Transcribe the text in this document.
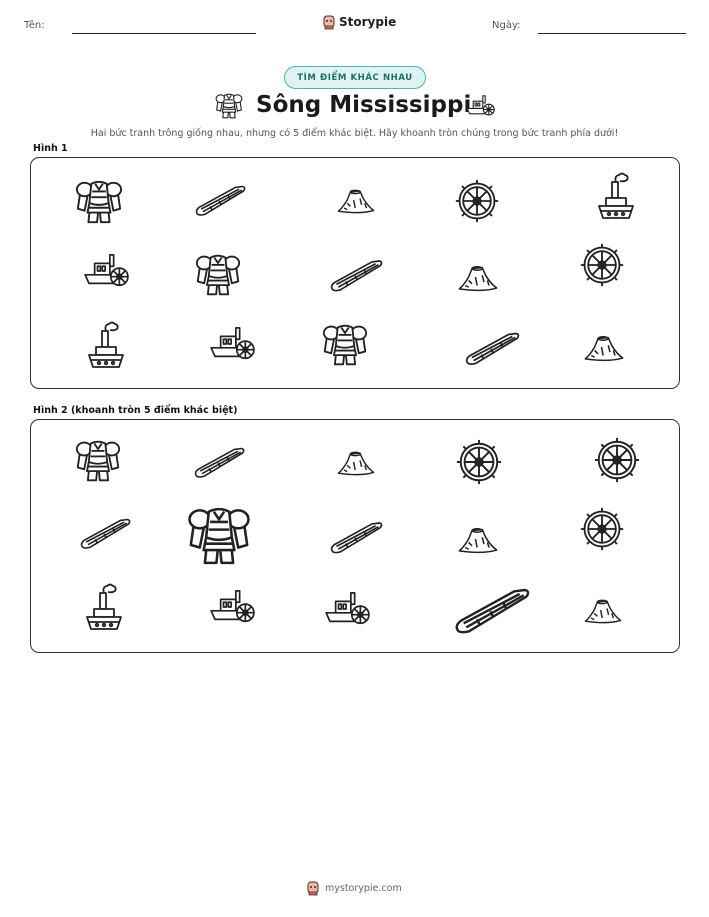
Tên:	Storypie	Ngày:
TÌM ĐIỂM KHÁC NHAU
Sông Mississippi
Hai bức tranh trông giống nhau, nhưng có 5 điểm khác biệt. Hãy khoanh tròn chúng trong bức tranh phía dưới!
Hình 1
Hình 2 (khoanh tròn 5 điểm khác biệt)
mystorypie.com
